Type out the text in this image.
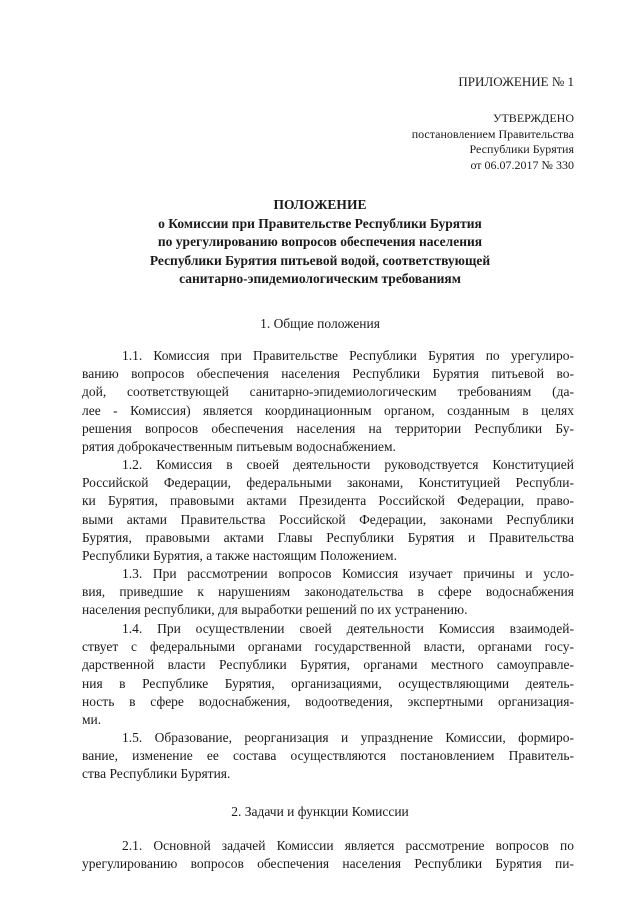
ПРИЛОЖЕНИЕ № 1
УТВЕРЖДЕНО
постановлением Правительства
Республики Бурятия
от 06.07.2017 № 330
ПОЛОЖЕНИЕ
о Комиссии при Правительстве Республики Бурятия
по урегулированию вопросов обеспечения населения
Республики Бурятия питьевой водой, соответствующей
санитарно-эпидемиологическим требованиям
1. Общие положения
1.1. Комиссия при Правительстве Республики Бурятия по урегулиро-
ванию вопросов обеспечения населения Республики Бурятия питьевой во-
дой, соответствующей санитарно-эпидемиологическим требованиям (да-
лее - Комиссия) является координационным органом, созданным в целях
решения вопросов обеспечения населения на территории Республики Бу-
рятия доброкачественным питьевым водоснабжением.
1.2. Комиссия в своей деятельности руководствуется Конституцией
Российской Федерации, федеральными законами, Конституцией Республи-
ки Бурятия, правовыми актами Президента Российской Федерации, право-
выми актами Правительства Российской Федерации, законами Республики
Бурятия, правовыми актами Главы Республики Бурятия и Правительства
Республики Бурятия, а также настоящим Положением.
1.3. При рассмотрении вопросов Комиссия изучает причины и усло-
вия, приведшие к нарушениям законодательства в сфере водоснабжения
населения республики, для выработки решений по их устранению.
1.4. При осуществлении своей деятельности Комиссия взаимодей-
ствует с федеральными органами государственной власти, органами госу-
дарственной власти Республики Бурятия, органами местного самоуправле-
ния в Республике Бурятия, организациями, осуществляющими деятель-
ность в сфере водоснабжения, водоотведения, экспертными организация-
ми.
1.5. Образование, реорганизация и упразднение Комиссии, формиро-
вание, изменение ее состава осуществляются постановлением Правитель-
ства Республики Бурятия.
2. Задачи и функции Комиссии
2.1. Основной задачей Комиссии является рассмотрение вопросов по
урегулированию вопросов обеспечения населения Республики Бурятия пи-
